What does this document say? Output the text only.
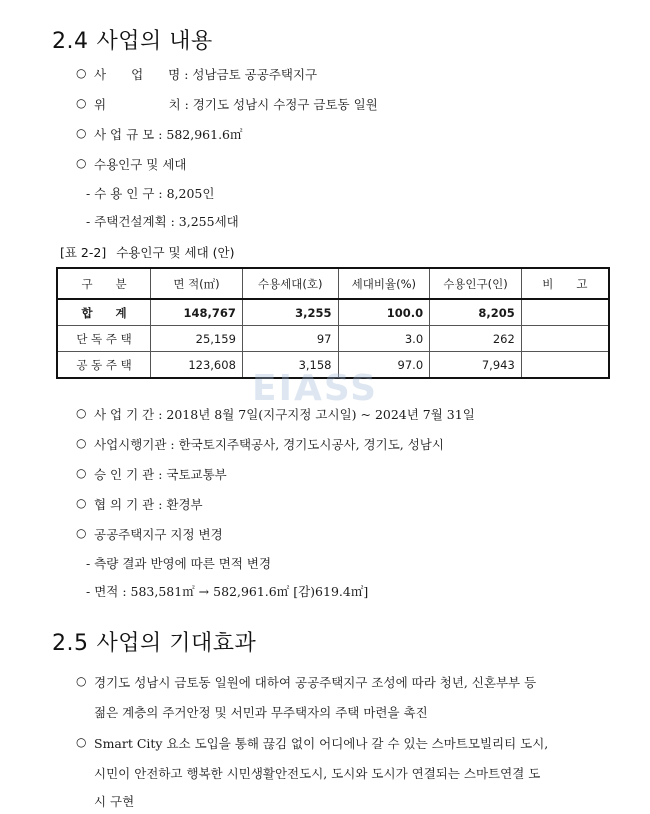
2.4 사업의 내용
○ 사　　업　　명 : 성남금토 공공주택지구
○ 위　　　　　치 : 경기도 성남시 수정구 금토동 일원
○ 사 업 규 모 : 582,961.6㎡
○ 수용인구 및 세대
- 수 용 인 구 : 8,205인
- 주택건설계획 : 3,255세대
[표 2-2] 수용인구 및 세대 (안)
구　　분	면 적(㎡)	수용세대(호)	세대비율(%)	수용인구(인)	비　　고
합　　계	148,767	3,255	100.0	8,205	
단 독 주 택	25,159	97	3.0	262	
공 동 주 택	123,608	3,158	97.0	7,943	
EIASS
○ 사 업 기 간 : 2018년 8월 7일(지구지정 고시일) ~ 2024년 7월 31일
○ 사업시행기관 : 한국토지주택공사, 경기도시공사, 경기도, 성남시
○ 승 인 기 관 : 국토교통부
○ 협 의 기 관 : 환경부
○ 공공주택지구 지정 변경
- 측량 결과 반영에 따른 면적 변경
- 면적 : 583,581㎡ → 582,961.6㎡ [감)619.4㎡]
2.5 사업의 기대효과
○ 경기도 성남시 금토동 일원에 대하여 공공주택지구 조성에 따라 청년, 신혼부부 등
젊은 계층의 주거안정 및 서민과 무주택자의 주택 마련을 촉진
○ Smart City 요소 도입을 통해 끊김 없이 어디에나 갈 수 있는 스마트모빌리티 도시,
시민이 안전하고 행복한 시민생활안전도시, 도시와 도시가 연결되는 스마트연결 도
시 구현
